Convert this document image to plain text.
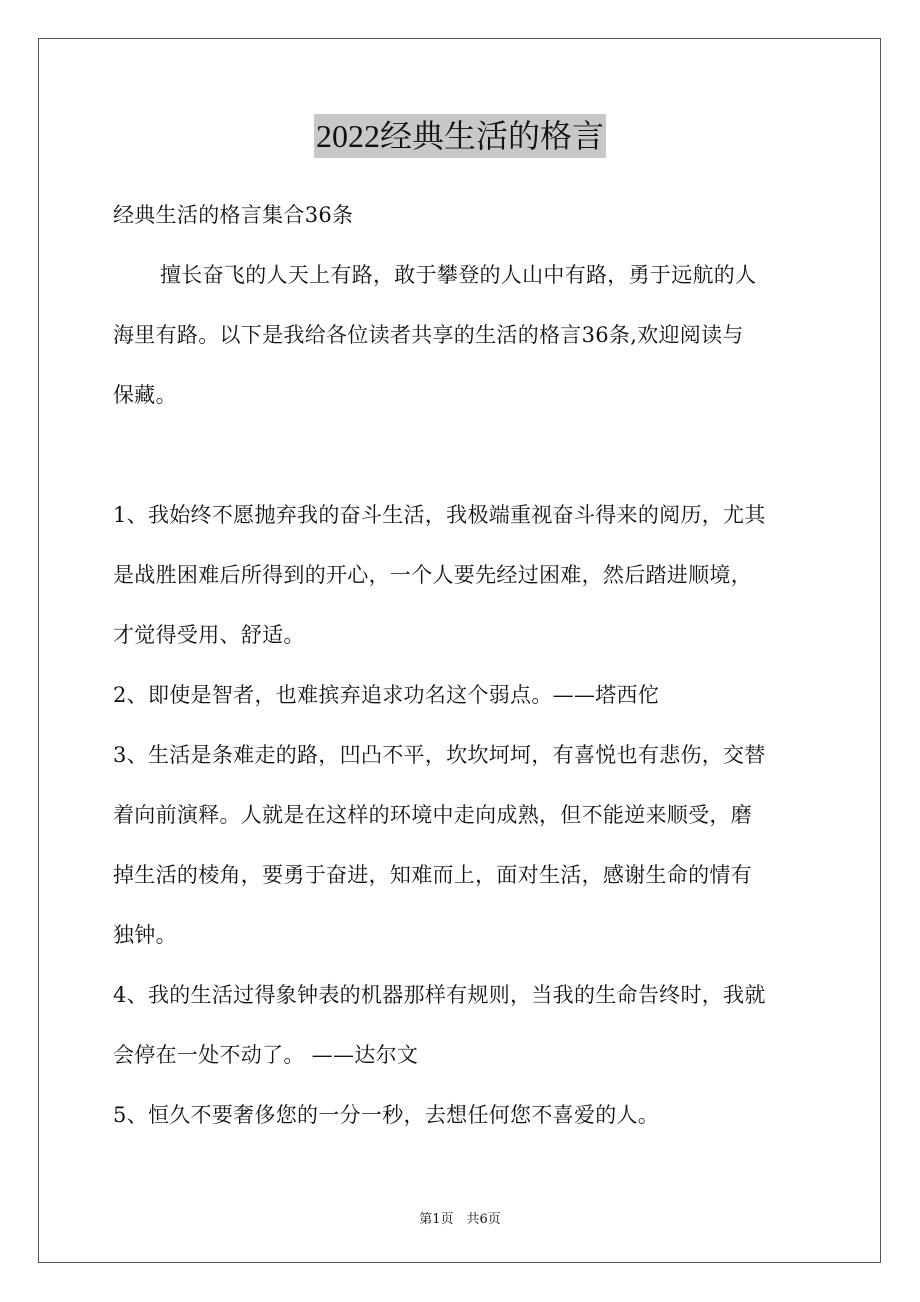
2022经典生活的格言
经典生活的格言集合36条
擅长奋飞的人天上有路，敢于攀登的人山中有路，勇于远航的人
海里有路。以下是我给各位读者共享的生活的格言36条,欢迎阅读与
保藏。
1、我始终不愿抛弃我的奋斗生活，我极端重视奋斗得来的阅历，尤其
是战胜困难后所得到的开心，一个人要先经过困难，然后踏进顺境，
才觉得受用、舒适。
2、即使是智者，也难摈弃追求功名这个弱点。——塔西佗
3、生活是条难走的路，凹凸不平，坎坎坷坷，有喜悦也有悲伤，交替
着向前演释。人就是在这样的环境中走向成熟，但不能逆来顺受，磨
掉生活的棱角，要勇于奋进，知难而上，面对生活，感谢生命的情有
独钟。
4、我的生活过得象钟表的机器那样有规则，当我的生命告终时，我就
会停在一处不动了。 ——达尔文
5、恒久不要奢侈您的一分一秒，去想任何您不喜爱的人。
第1页　共6页
